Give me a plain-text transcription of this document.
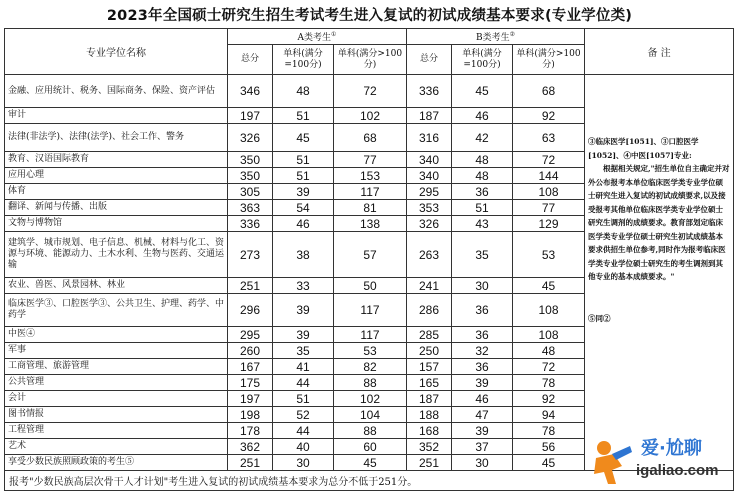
2023年全国硕士研究生招生考试考生进入复试的初试成绩基本要求(专业学位类)
专业学位名称	A类考生①			B类考生②			备 注
	总分	单科(满分=100分)	单科(满分>100分)	总分	单科(满分=100分)	单科(满分>100分)	
金融、应用统计、税务、国际商务、保险、资产评估	346	48	72	336	45	68	③临床医学[1051]、③口腔医学[1052]、④中医[1057]专业:

根据相关规定,"招生单位自主确定并对外公布报考本单位临床医学类专业学位硕士研究生进入复试的初试成绩要求,以及接受报考其他单位临床医学类专业学位硕士研究生调剂的成绩要求。教育部划定临床医学类专业学位硕士研究生初试成绩基本要求供招生单位参考,同时作为报考临床医学类专业学位硕士研究生的考生调剂到其他专业的基本成绩要求。"

⑤同②

审计	197	51	102	187	46	92	
法律(非法学)、法律(法学)、社会工作、警务	326	45	68	316	42	63	
教育、汉语国际教育	350	51	77	340	48	72	
应用心理	350	51	153	340	48	144	
体育	305	39	117	295	36	108	
翻译、新闻与传播、出版	363	54	81	353	51	77	
文物与博物馆	336	46	138	326	43	129	
建筑学、城市规划、电子信息、机械、材料与化工、资源与环境、能源动力、土木水利、生物与医药、交通运输	273	38	57	263	35	53	
农业、兽医、风景园林、林业	251	33	50	241	30	45	
临床医学③、口腔医学③、公共卫生、护理、药学、中药学	296	39	117	286	36	108	
中医④	295	39	117	285	36	108	
军事	260	35	53	250	32	48	
工商管理、旅游管理	167	41	82	157	36	72	
公共管理	175	44	88	165	39	78	
会计	197	51	102	187	46	92	
图书情报	198	52	104	188	47	94	
工程管理	178	44	88	168	39	78	
艺术	362	40	60	352	37	56	
享受少数民族照顾政策的考生⑤	251	30	45	251	30	45	
报考"少数民族高层次骨干人才计划"考生进入复试的初试成绩基本要求为总分不低于251分。							
爱·尬聊
igaliao.com
